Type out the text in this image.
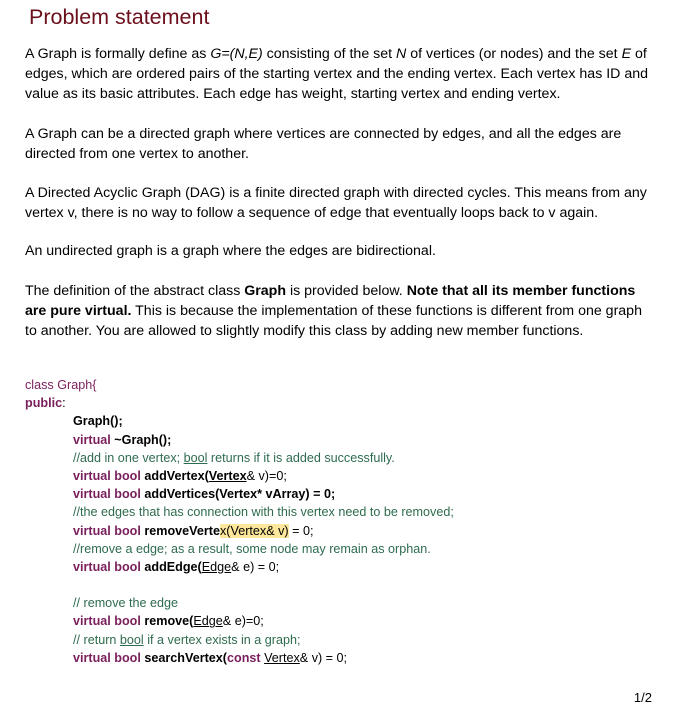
Problem statement

A Graph is formally define as G=(N,E) consisting of the set N of vertices (or nodes) and the set E of edges, which are ordered pairs of the starting vertex and the ending vertex. Each vertex has ID and value as its basic attributes. Each edge has weight, starting vertex and ending vertex.

A Graph can be a directed graph where vertices are connected by edges, and all the edges are directed from one vertex to another.

A Directed Acyclic Graph (DAG) is a finite directed graph with directed cycles. This means from any vertex v, there is no way to follow a sequence of edge that eventually loops back to v again.

An undirected graph is a graph where the edges are bidirectional.

The definition of the abstract class Graph is provided below. Note that all its member functions are pure virtual. This is because the implementation of these functions is different from one graph to another. You are allowed to slightly modify this class by adding new member functions.

class Graph{
public:
Graph();
virtual ~Graph();
//add in one vertex; bool returns if it is added successfully.
virtual bool addVertex(Vertex& v)=0;
virtual bool addVertices(Vertex* vArray) = 0;
//the edges that has connection with this vertex need to be removed;
virtual bool removeVertex(Vertex& v) = 0;
//remove a edge; as a result, some node may remain as orphan.
virtual bool addEdge(Edge& e) = 0;
// remove the edge
virtual bool remove(Edge& e)=0;
// return bool if a vertex exists in a graph;
virtual bool searchVertex(const Vertex& v) = 0;
1/2
